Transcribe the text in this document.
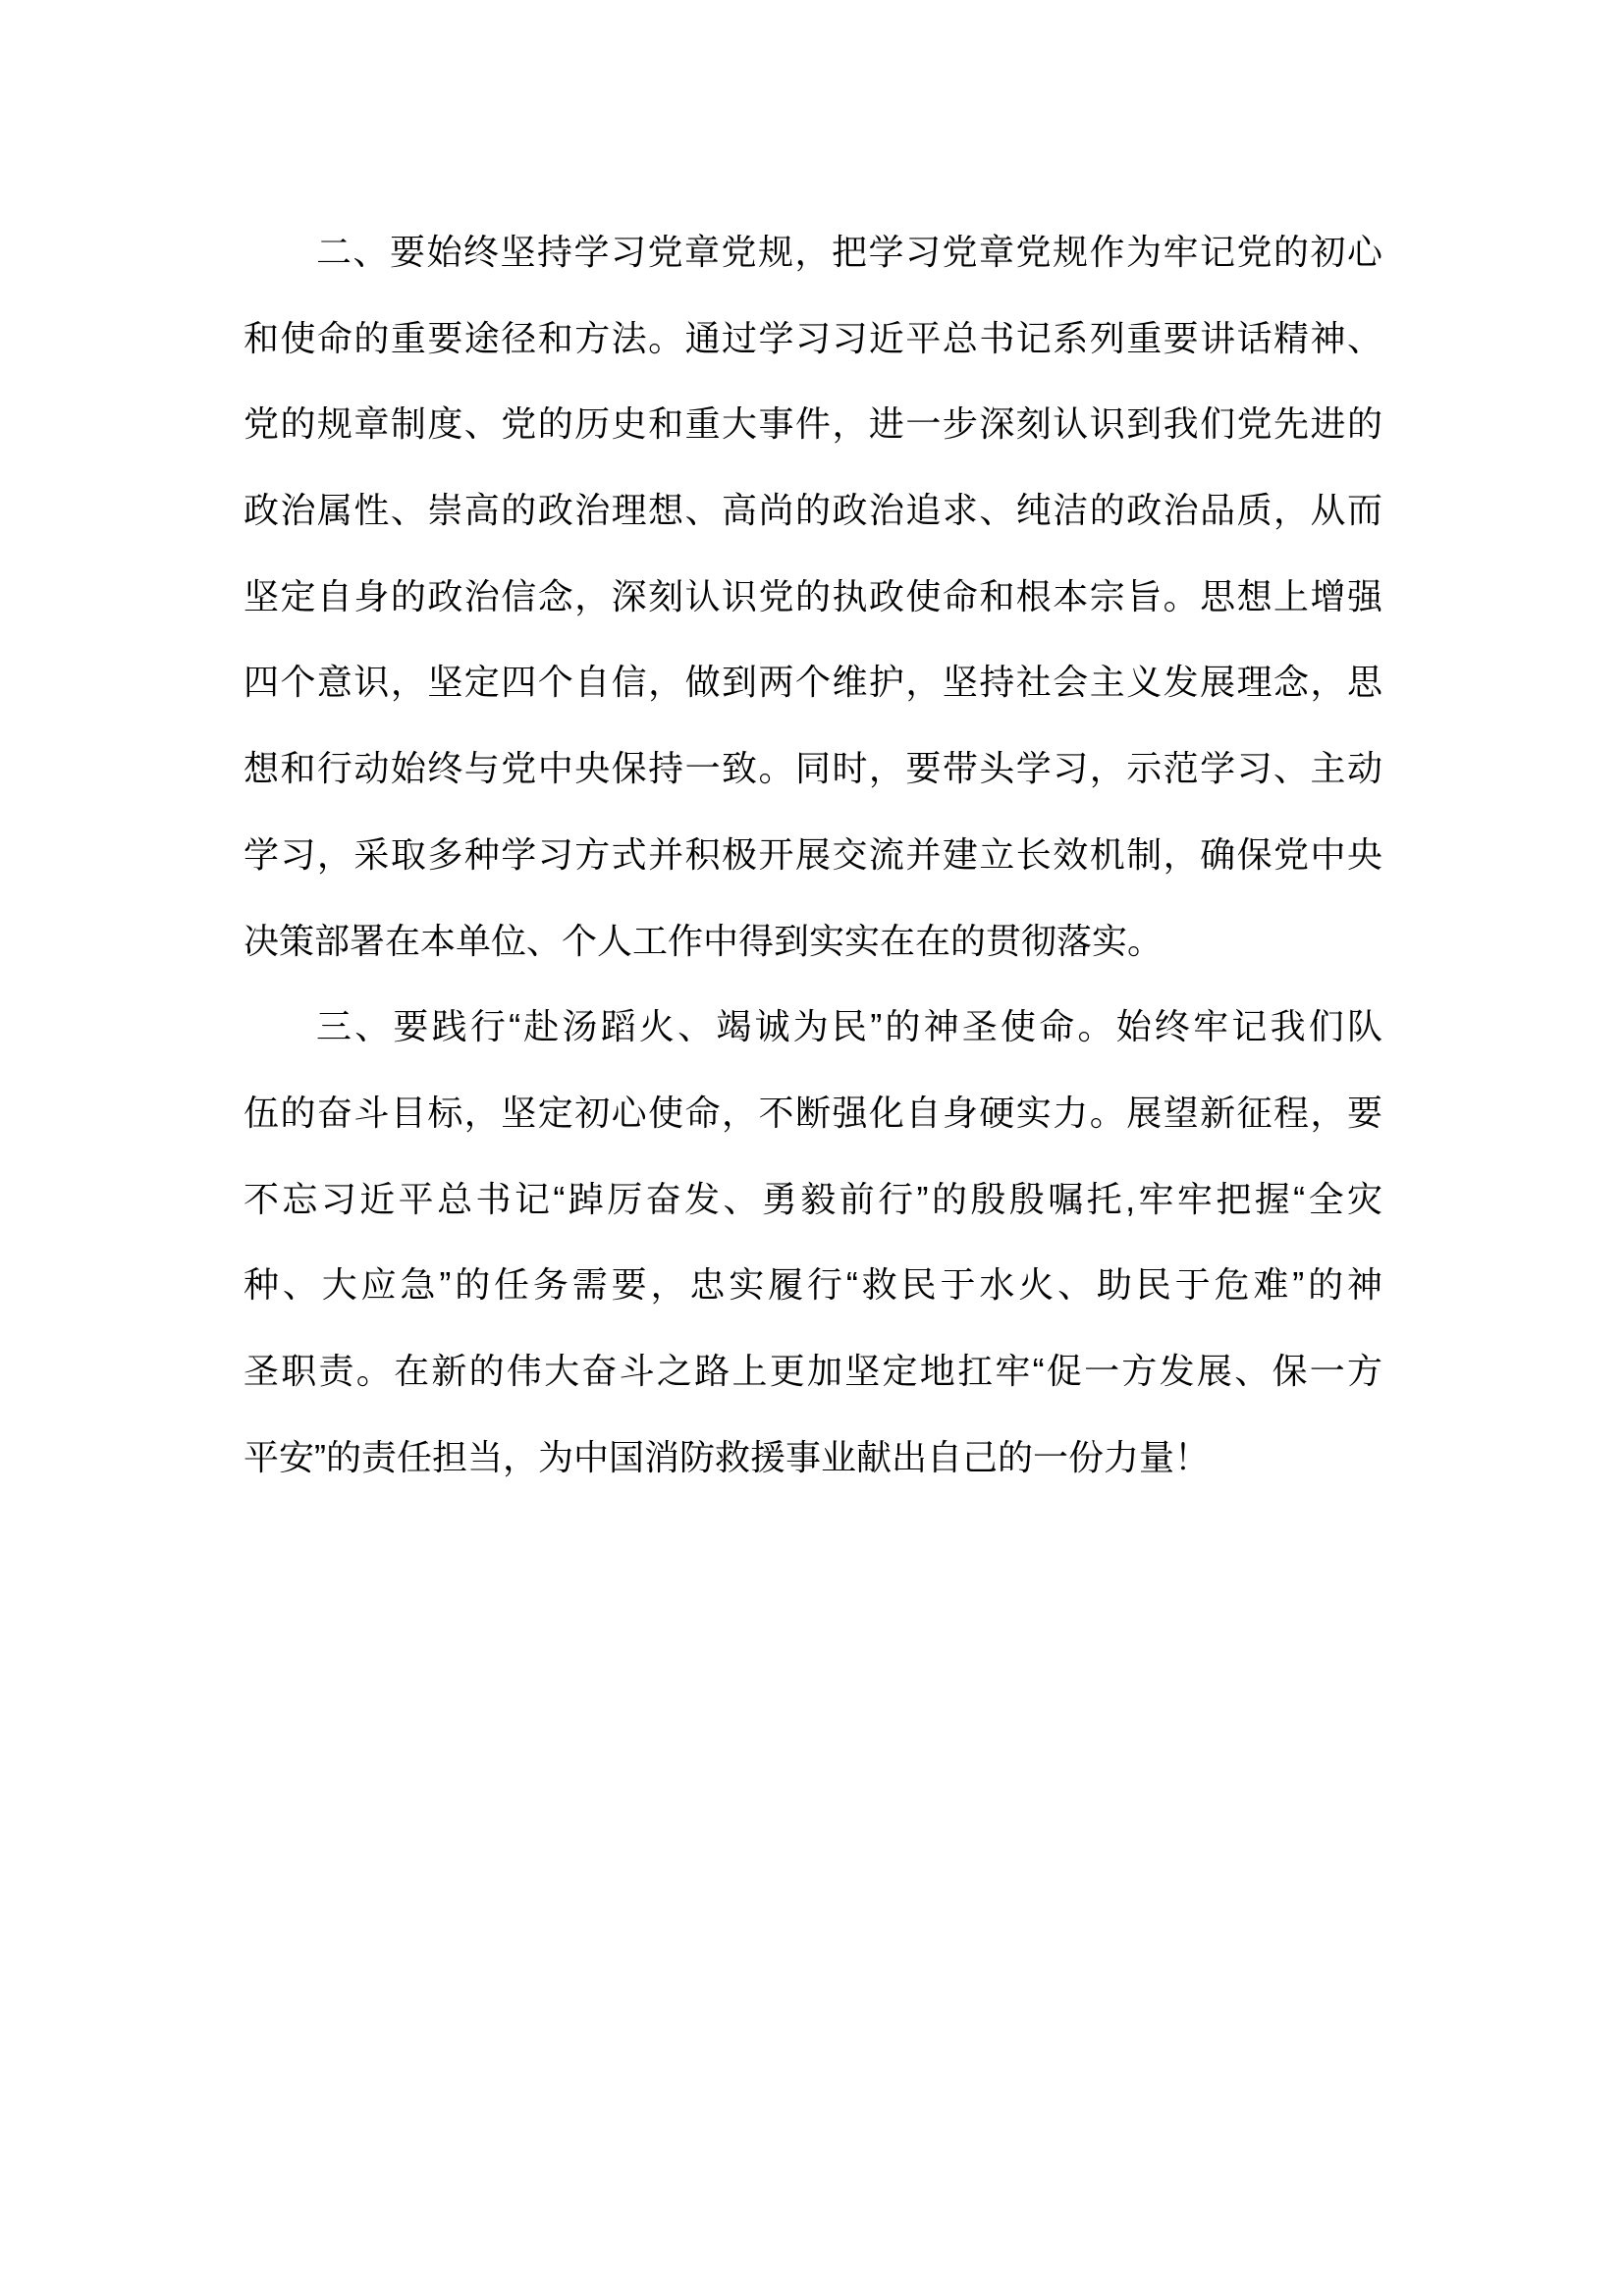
二、要始终坚持学习党章党规，把学习党章党规作为牢记党的初心
和使命的重要途径和方法。通过学习习近平总书记系列重要讲话精神、
党的规章制度、党的历史和重大事件，进一步深刻认识到我们党先进的
政治属性、崇高的政治理想、高尚的政治追求、纯洁的政治品质，从而
坚定自身的政治信念，深刻认识党的执政使命和根本宗旨。思想上增强
四个意识，坚定四个自信，做到两个维护，坚持社会主义发展理念，思
想和行动始终与党中央保持一致。同时，要带头学习，示范学习、主动
学习，采取多种学习方式并积极开展交流并建立长效机制，确保党中央
决策部署在本单位、个人工作中得到实实在在的贯彻落实。
三、要践行“赴汤蹈火、竭诚为民”的神圣使命。始终牢记我们队
伍的奋斗目标，坚定初心使命，不断强化自身硬实力。展望新征程，要
不忘习近平总书记“踔厉奋发、勇毅前行”的殷殷嘱托,牢牢把握“全灾
种、大应急”的任务需要，忠实履行“救民于水火、助民于危难”的神
圣职责。在新的伟大奋斗之路上更加坚定地扛牢“促一方发展、保一方
平安”的责任担当，为中国消防救援事业献出自己的一份力量！
